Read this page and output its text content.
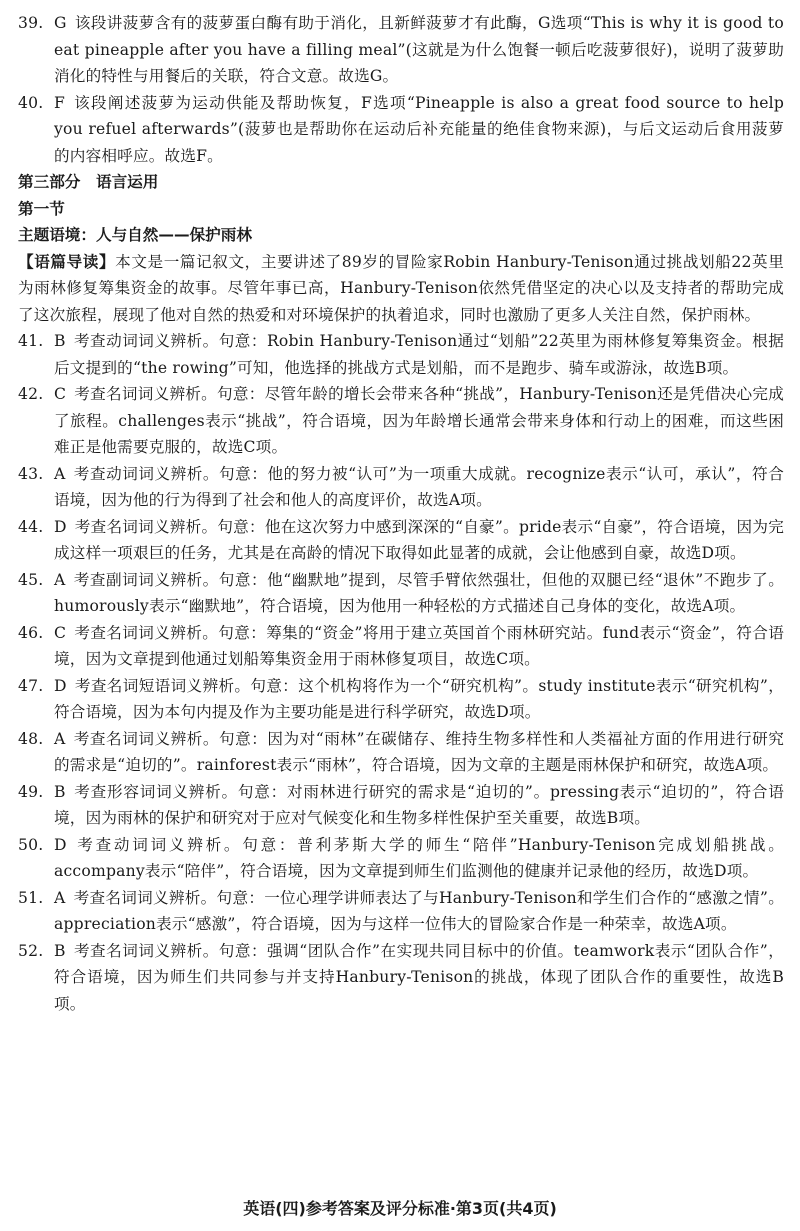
39. G 该段讲菠萝含有的菠萝蛋白酶有助于消化，且新鲜菠萝才有此酶，G选项“This is why it is good to eat pineapple after you have a filling meal”(这就是为什么饱餐一顿后吃菠萝很好)，说明了菠萝助消化的特性与用餐后的关联，符合文意。故选G。
40. F 该段阐述菠萝为运动供能及帮助恢复，F选项“Pineapple is also a great food source to help you refuel afterwards”(菠萝也是帮助你在运动后补充能量的绝佳食物来源)，与后文运动后食用菠萝的内容相呼应。故选F。
第三部分　语言运用
第一节
主题语境：人与自然——保护雨林
【语篇导读】本文是一篇记叙文，主要讲述了89岁的冒险家Robin Hanbury-Tenison通过挑战划船22英里为雨林修复筹集资金的故事。尽管年事已高，Hanbury-Tenison依然凭借坚定的决心以及支持者的帮助完成了这次旅程，展现了他对自然的热爱和对环境保护的执着追求，同时也激励了更多人关注自然，保护雨林。
41. B 考查动词词义辨析。句意：Robin Hanbury-Tenison通过“划船”22英里为雨林修复筹集资金。根据后文提到的“the rowing”可知，他选择的挑战方式是划船，而不是跑步、骑车或游泳，故选B项。
42. C 考查名词词义辨析。句意：尽管年龄的增长会带来各种“挑战”，Hanbury-Tenison还是凭借决心完成了旅程。challenges表示“挑战”，符合语境，因为年龄增长通常会带来身体和行动上的困难，而这些困难正是他需要克服的，故选C项。
43. A 考查动词词义辨析。句意：他的努力被“认可”为一项重大成就。recognize表示“认可，承认”，符合语境，因为他的行为得到了社会和他人的高度评价，故选A项。
44. D 考查名词词义辨析。句意：他在这次努力中感到深深的“自豪”。pride表示“自豪”，符合语境，因为完成这样一项艰巨的任务，尤其是在高龄的情况下取得如此显著的成就，会让他感到自豪，故选D项。
45. A 考查副词词义辨析。句意：他“幽默地”提到，尽管手臂依然强壮，但他的双腿已经“退休”不跑步了。humorously表示“幽默地”，符合语境，因为他用一种轻松的方式描述自己身体的变化，故选A项。
46. C 考查名词词义辨析。句意：筹集的“资金”将用于建立英国首个雨林研究站。fund表示“资金”，符合语境，因为文章提到他通过划船筹集资金用于雨林修复项目，故选C项。
47. D 考查名词短语词义辨析。句意：这个机构将作为一个“研究机构”。study institute表示“研究机构”，符合语境，因为本句内提及作为主要功能是进行科学研究，故选D项。
48. A 考查名词词义辨析。句意：因为对“雨林”在碳储存、维持生物多样性和人类福祉方面的作用进行研究的需求是“迫切的”。rainforest表示“雨林”，符合语境，因为文章的主题是雨林保护和研究，故选A项。
49. B 考查形容词词义辨析。句意：对雨林进行研究的需求是“迫切的”。pressing表示“迫切的”，符合语境，因为雨林的保护和研究对于应对气候变化和生物多样性保护至关重要，故选B项。
50. D 考查动词词义辨析。句意：普利茅斯大学的师生“陪伴”Hanbury-Tenison完成划船挑战。accompany表示“陪伴”，符合语境，因为文章提到师生们监测他的健康并记录他的经历，故选D项。
51. A 考查名词词义辨析。句意：一位心理学讲师表达了与Hanbury-Tenison和学生们合作的“感激之情”。appreciation表示“感激”，符合语境，因为与这样一位伟大的冒险家合作是一种荣幸，故选A项。
52. B 考查名词词义辨析。句意：强调“团队合作”在实现共同目标中的价值。teamwork表示“团队合作”，符合语境，因为师生们共同参与并支持Hanbury-Tenison的挑战，体现了团队合作的重要性，故选B项。
英语(四)参考答案及评分标准·第3页(共4页)
